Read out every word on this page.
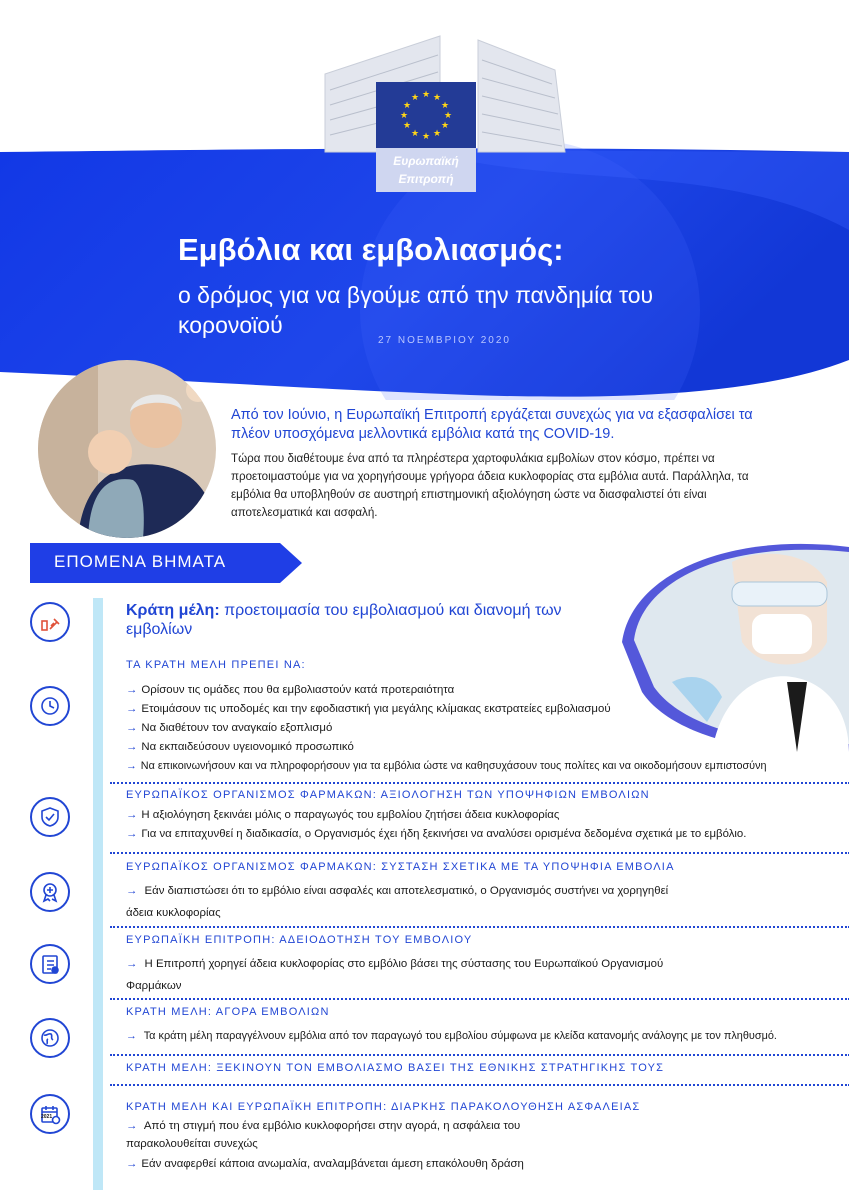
★ ★
★
★
★
★
★
★
★
★
★
★
Ευρωπαϊκή
Επιτροπή
Εμβόλια και εμβολιασμός:
ο δρόμος για να βγούμε από την πανδημία του κορονοϊού
27 ΝΟΕΜΒΡΙΟΥ 2020
Από τον Ιούνιο, η Ευρωπαϊκή Επιτροπή εργάζεται συνεχώς για να εξασφαλίσει τα πλέον υποσχόμενα μελλοντικά εμβόλια κατά της COVID-19.
Τώρα που διαθέτουμε ένα από τα πληρέστερα χαρτοφυλάκια εμβολίων στον κόσμο, πρέπει να προετοιμαστούμε για να χορηγήσουμε γρήγορα άδεια κυκλοφορίας στα εμβόλια αυτά. Παράλληλα, τα εμβόλια θα υποβληθούν σε αυστηρή επιστημονική αξιολόγηση ώστε να διασφαλιστεί ότι είναι αποτελεσματικά και ασφαλή.
ΕΠΟΜΕΝΑ ΒΗΜΑΤΑ
2021
Κράτη μέλη: προετοιμασία του εμβολιασμού και διανομή των εμβολίων
ΤΑ ΚΡΑΤΗ ΜΕΛΗ ΠΡΕΠΕΙ ΝΑ:
→ Ορίσουν τις ομάδες που θα εμβολιαστούν κατά προτεραιότητα
→ Ετοιμάσουν τις υποδομές και την εφοδιαστική για μεγάλης κλίμακας εκστρατείες εμβολιασμού
→ Να διαθέτουν τον αναγκαίο εξοπλισμό
→ Να εκπαιδεύσουν υγειονομικό προσωπικό
→ Να επικοινωνήσουν και να πληροφορήσουν για τα εμβόλια ώστε να καθησυχάσουν τους πολίτες και να οικοδομήσουν εμπιστοσύνη
ΕΥΡΩΠΑΪΚΟΣ ΟΡΓΑΝΙΣΜΟΣ ΦΑΡΜΑΚΩΝ: ΑΞΙΟΛΟΓΗΣΗ ΤΩΝ ΥΠΟΨΗΦΙΩΝ ΕΜΒΟΛΙΩΝ
→ Η αξιολόγηση ξεκινάει μόλις ο παραγωγός του εμβολίου ζητήσει άδεια κυκλοφορίας
→ Για να επιταχυνθεί η διαδικασία, ο Οργανισμός έχει ήδη ξεκινήσει να αναλύσει ορισμένα δεδομένα σχετικά με το εμβόλιο.
ΕΥΡΩΠΑΪΚΟΣ ΟΡΓΑΝΙΣΜΟΣ ΦΑΡΜΑΚΩΝ: ΣΥΣΤΑΣΗ ΣΧΕΤΙΚΑ ΜΕ ΤΑ ΥΠΟΨΗΦΙΑ ΕΜΒΟΛΙΑ
→ Εάν διαπιστώσει ότι το εμβόλιο είναι ασφαλές και αποτελεσματικό, ο Οργανισμός συστήνει να χορηγηθεί
άδεια κυκλοφορίας
ΕΥΡΩΠΑΪΚΗ ΕΠΙΤΡΟΠΗ: ΑΔΕΙΟΔΟΤΗΣΗ ΤΟΥ ΕΜΒΟΛΙΟΥ
→ Η Επιτροπή χορηγεί άδεια κυκλοφορίας στο εμβόλιο βάσει της σύστασης του Ευρωπαϊκού Οργανισμού
Φαρμάκων
ΚΡΑΤΗ ΜΕΛΗ: ΑΓΟΡΑ ΕΜΒΟΛΙΩΝ
→ Τα κράτη μέλη παραγγέλνουν εμβόλια από τον παραγωγό του εμβολίου σύμφωνα με κλείδα κατανομής ανάλογης με τον πληθυσμό.
ΚΡΑΤΗ ΜΕΛΗ: ΞΕΚΙΝΟΥΝ ΤΟΝ ΕΜΒΟΛΙΑΣΜΟ ΒΑΣΕΙ ΤΗΣ ΕΘΝΙΚΗΣ ΣΤΡΑΤΗΓΙΚΗΣ ΤΟΥΣ
ΚΡΑΤΗ ΜΕΛΗ ΚΑΙ ΕΥΡΩΠΑΪΚΗ ΕΠΙΤΡΟΠΗ: ΔΙΑΡΚΗΣ ΠΑΡΑΚΟΛΟΥΘΗΣΗ ΑΣΦΑΛΕΙΑΣ
→ Από τη στιγμή που ένα εμβόλιο κυκλοφορήσει στην αγορά, η ασφάλεια του
παρακολουθείται συνεχώς
→ Εάν αναφερθεί κάποια ανωμαλία, αναλαμβάνεται άμεση επακόλουθη δράση
